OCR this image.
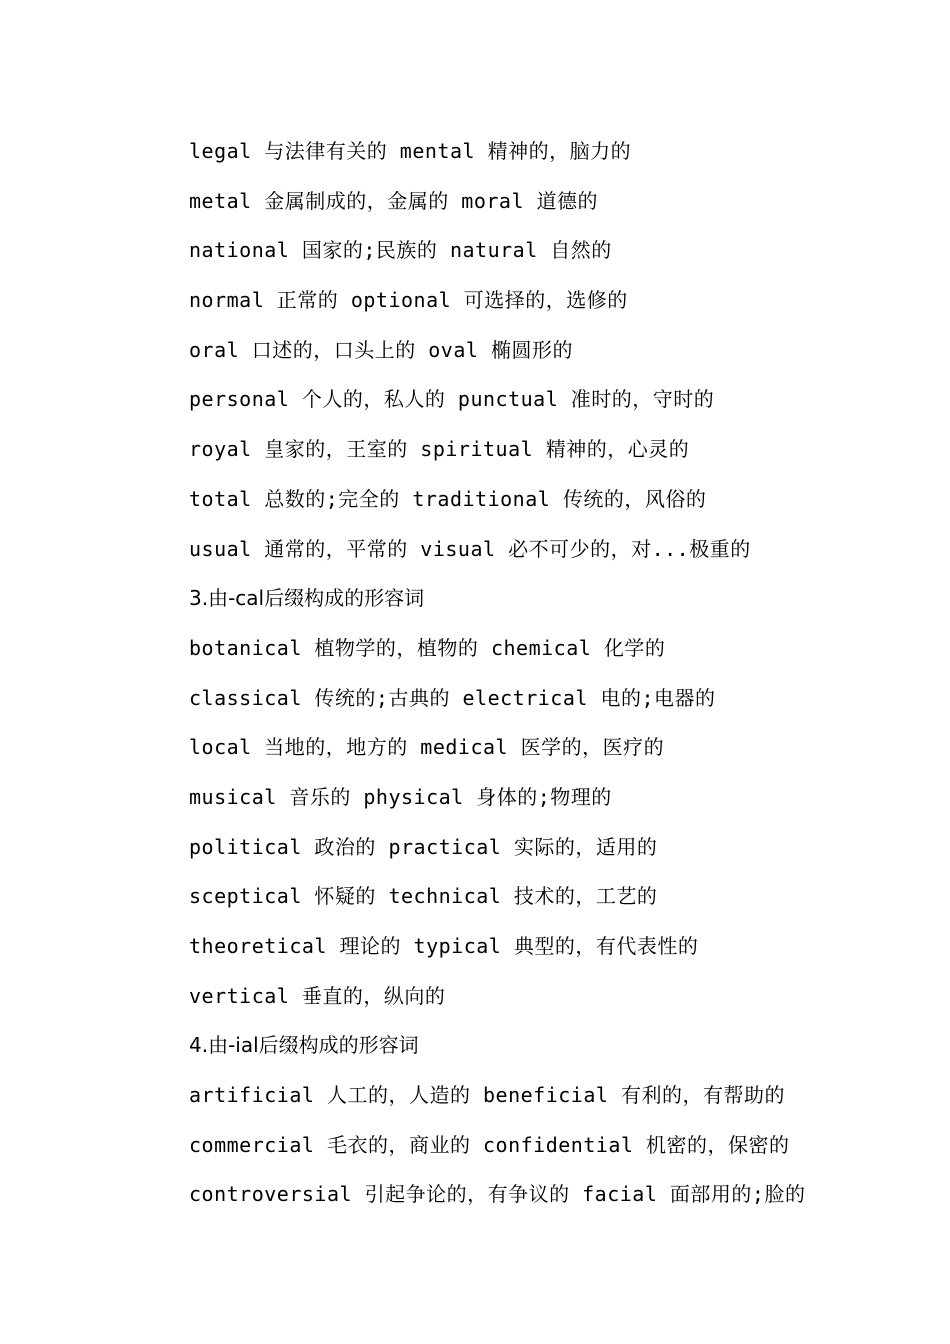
legal 与法律有关的 mental 精神的，脑力的
metal 金属制成的，金属的 moral 道德的
national 国家的;民族的 natural 自然的
normal 正常的 optional 可选择的，选修的
oral 口述的，口头上的 oval 椭圆形的
personal 个人的，私人的 punctual 准时的，守时的
royal 皇家的，王室的 spiritual 精神的，心灵的
total 总数的;完全的 traditional 传统的，风俗的
usual 通常的，平常的 visual 必不可少的，对...极重的
3.由-cal后缀构成的形容词
botanical 植物学的，植物的 chemical 化学的
classical 传统的;古典的 electrical 电的;电器的
local 当地的，地方的 medical 医学的，医疗的
musical 音乐的 physical 身体的;物理的
political 政治的 practical 实际的，适用的
sceptical 怀疑的 technical 技术的，工艺的
theoretical 理论的 typical 典型的，有代表性的
vertical 垂直的，纵向的
4.由-ial后缀构成的形容词
artificial 人工的，人造的 beneficial 有利的，有帮助的
commercial 毛衣的，商业的 confidential 机密的，保密的
controversial 引起争论的，有争议的 facial 面部用的;脸的
